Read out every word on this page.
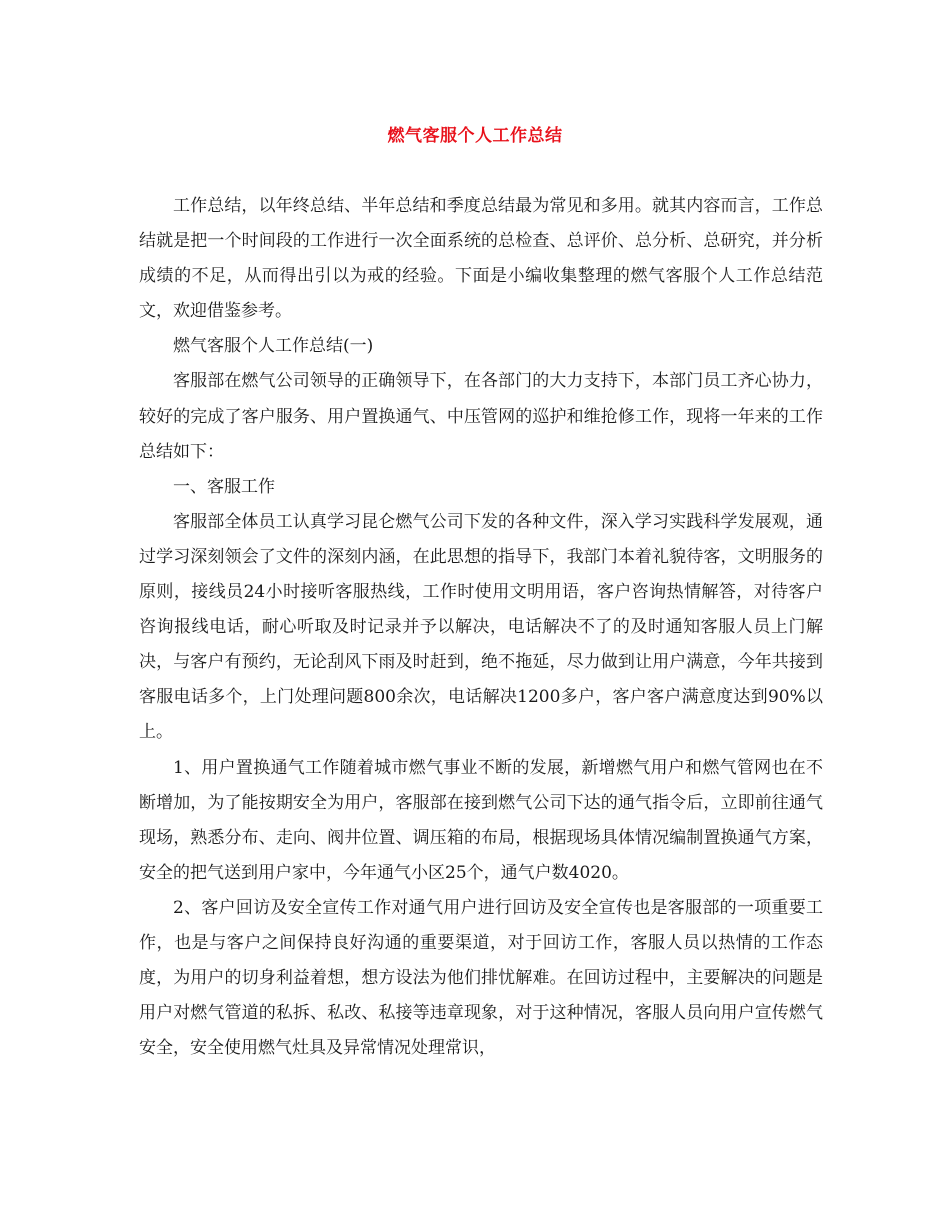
燃气客服个人工作总结

工作总结，以年终总结、半年总结和季度总结最为常见和多用。就其内容而言，工作总结就是把一个时间段的工作进行一次全面系统的总检查、总评价、总分析、总研究，并分析成绩的不足，从而得出引以为戒的经验。下面是小编收集整理的燃气客服个人工作总结范文，欢迎借鉴参考。

燃气客服个人工作总结(一)

客服部在燃气公司领导的正确领导下，在各部门的大力支持下，本部门员工齐心协力，较好的完成了客户服务、用户置换通气、中压管网的巡护和维抢修工作，现将一年来的工作总结如下：

一、客服工作

客服部全体员工认真学习昆仑燃气公司下发的各种文件，深入学习实践科学发展观，通过学习深刻领会了文件的深刻内涵，在此思想的指导下，我部门本着礼貌待客，文明服务的原则，接线员24小时接听客服热线，工作时使用文明用语，客户咨询热情解答，对待客户咨询报线电话，耐心听取及时记录并予以解决，电话解决不了的及时通知客服人员上门解决，与客户有预约，无论刮风下雨及时赶到，绝不拖延，尽力做到让用户满意，今年共接到客服电话多个，上门处理问题800余次，电话解决1200多户，客户客户满意度达到90%以上。

1、用户置换通气工作随着城市燃气事业不断的发展，新增燃气用户和燃气管网也在不断增加，为了能按期安全为用户，客服部在接到燃气公司下达的通气指令后，立即前往通气现场，熟悉分布、走向、阀井位置、调压箱的布局，根据现场具体情况编制置换通气方案，安全的把气送到用户家中，今年通气小区25个，通气户数4020。

2、客户回访及安全宣传工作对通气用户进行回访及安全宣传也是客服部的一项重要工作，也是与客户之间保持良好沟通的重要渠道，对于回访工作，客服人员以热情的工作态度，为用户的切身利益着想，想方设法为他们排忧解难。在回访过程中，主要解决的问题是用户对燃气管道的私拆、私改、私接等违章现象，对于这种情况，客服人员向用户宣传燃气安全，安全使用燃气灶具及异常情况处理常识，
